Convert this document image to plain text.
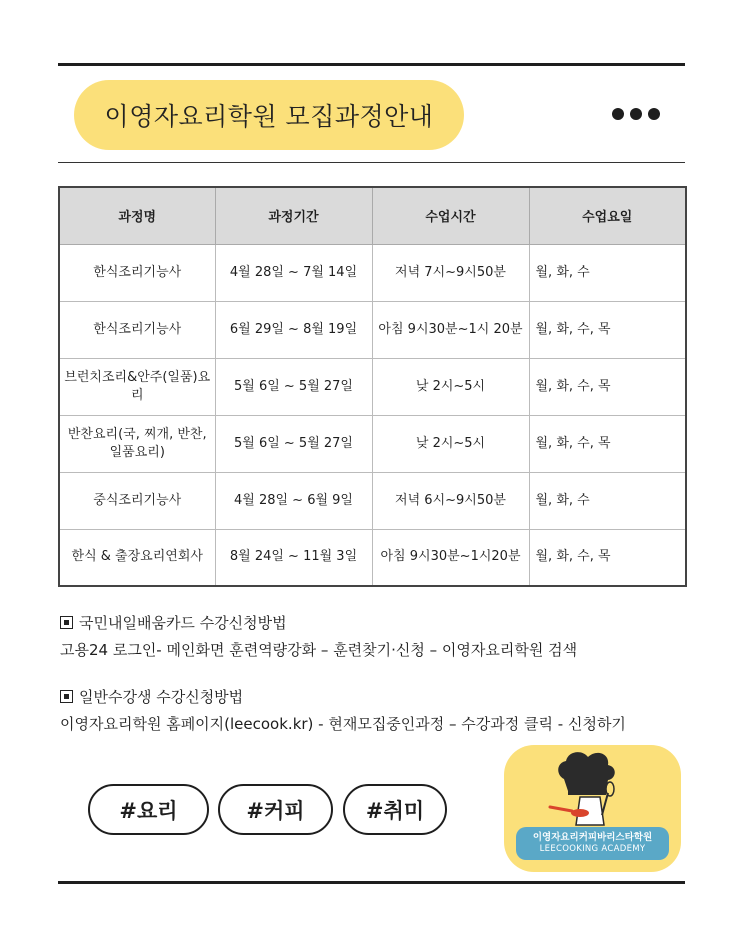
이영자요리학원 모집과정안내
과정명	과정기간	수업시간	수업요일
한식조리기능사	4월 28일 ~ 7월 14일	저녁 7시~9시50분	월, 화, 수
한식조리기능사	6월 29일 ~ 8월 19일	아침 9시30분~1시 20분	월, 화, 수, 목
브런치조리&안주(일품)요리	5월 6일 ~ 5월 27일	낮 2시~5시	월, 화, 수, 목
반찬요리(국, 찌개, 반찬, 일품요리)	5월 6일 ~ 5월 27일	낮 2시~5시	월, 화, 수, 목
중식조리기능사	4월 28일 ~ 6월 9일	저녁 6시~9시50분	월, 화, 수
한식 & 출장요리연회사	8월 24일 ~ 11월 3일	아침 9시30분~1시20분	월, 화, 수, 목
국민내일배움카드 수강신청방법
고용24 로그인- 메인화면 훈련역량강화 – 훈련찾기·신청 – 이영자요리학원 검색
일반수강생 수강신청방법
이영자요리학원 홈페이지(leecook.kr) - 현재모집중인과정 – 수강과정 클릭 - 신청하기
#요리	#커피	#취미
이영자요리커피바리스타학원
LEECOOKING ACADEMY
